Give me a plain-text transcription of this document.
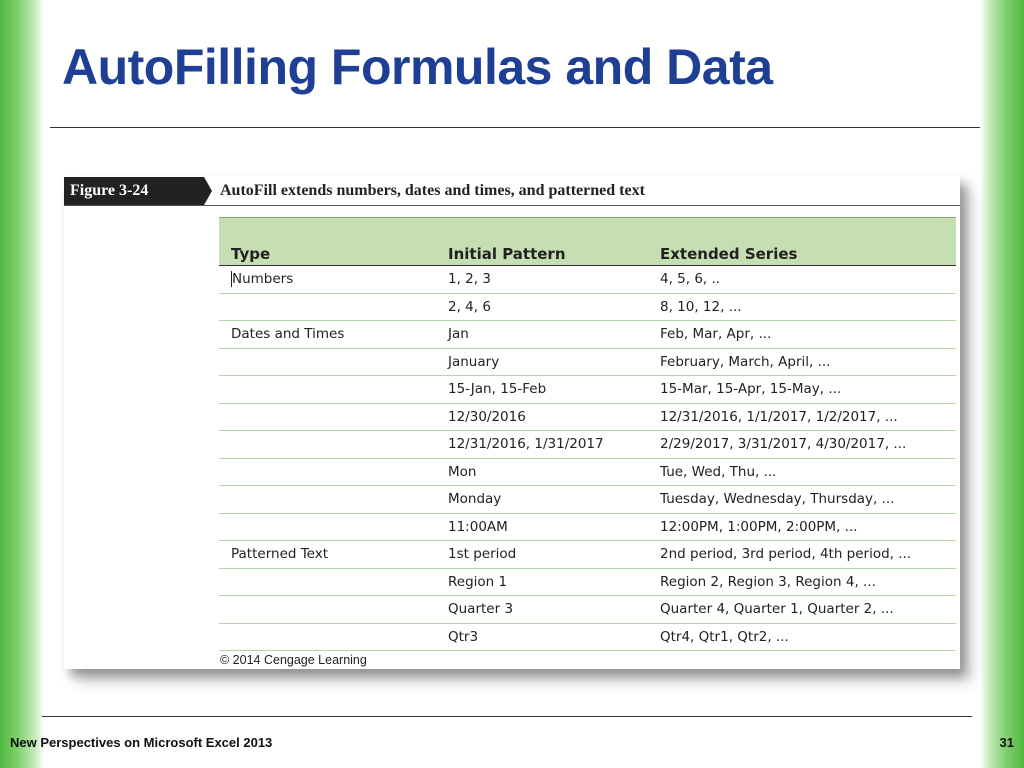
AutoFilling Formulas and Data
Figure 3-24	AutoFill extends numbers, dates and times, and patterned text
Type	Initial Pattern	Extended Series
Numbers	1, 2, 3	4, 5, 6, ..
	2, 4, 6	8, 10, 12, ...
Dates and Times	Jan	Feb, Mar, Apr, ...
	January	February, March, April, ...
	15-Jan, 15-Feb	15-Mar, 15-Apr, 15-May, ...
	12/30/2016	12/31/2016, 1/1/2017, 1/2/2017, ...
	12/31/2016, 1/31/2017	2/29/2017, 3/31/2017, 4/30/2017, ...
	Mon	Tue, Wed, Thu, ...
	Monday	Tuesday, Wednesday, Thursday, ...
	11:00AM	12:00PM, 1:00PM, 2:00PM, ...
Patterned Text	1st period	2nd period, 3rd period, 4th period, ...
	Region 1	Region 2, Region 3, Region 4, ...
	Quarter 3	Quarter 4, Quarter 1, Quarter 2, ...
	Qtr3	Qtr4, Qtr1, Qtr2, ...
© 2014 Cengage Learning
New Perspectives on Microsoft Excel 2013	31
